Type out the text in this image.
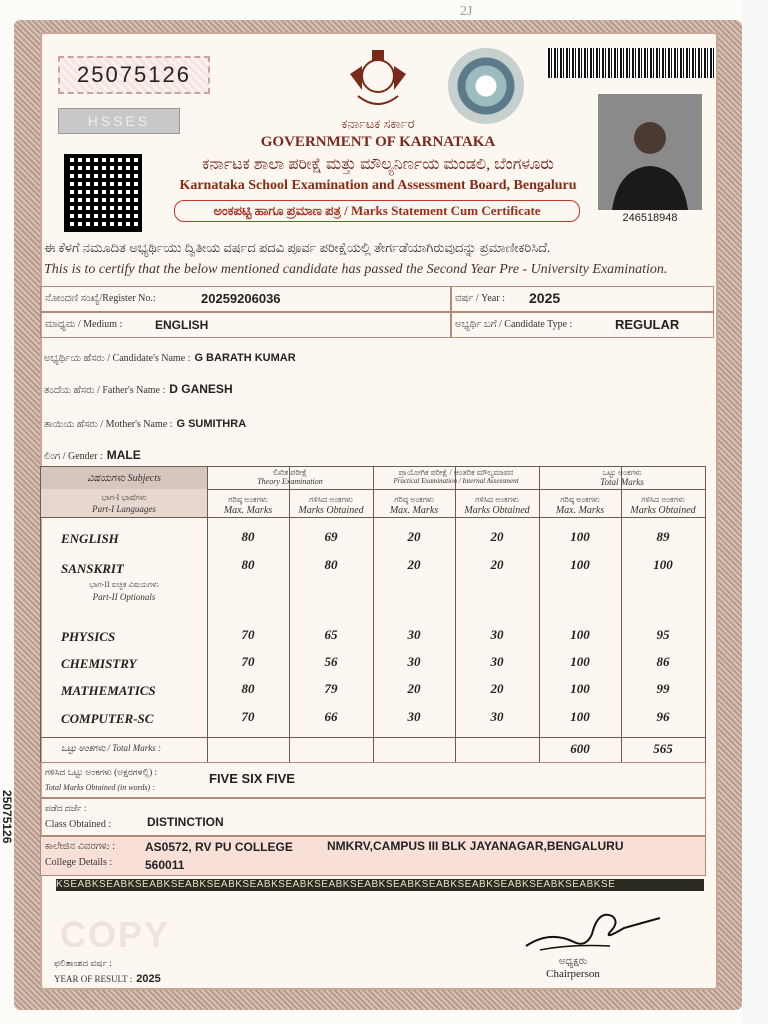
2J
25075126
HSSES
246518948
ಕರ್ನಾಟಕ ಸರ್ಕಾರ
GOVERNMENT OF KARNATAKA
ಕರ್ನಾಟಕ ಶಾಲಾ ಪರೀಕ್ಷೆ ಮತ್ತು ಮೌಲ್ಯನಿರ್ಣಯ ಮಂಡಲಿ, ಬೆಂಗಳೂರು
Karnataka School Examination and Assessment Board, Bengaluru
ಅಂಕಪಟ್ಟಿ ಹಾಗೂ ಪ್ರಮಾಣ ಪತ್ರ / Marks Statement Cum Certificate
ಈ ಕೆಳಗೆ ನಮೂದಿತ ಅಭ್ಯರ್ಥಿಯು ದ್ವಿತೀಯ ವರ್ಷದ ಪದವಿ ಪೂರ್ವ ಪರೀಕ್ಷೆಯಲ್ಲಿ ತೇರ್ಗಡೆಯಾಗಿರುವುದನ್ನು ಪ್ರಮಾಣೀಕರಿಸಿದೆ.
This is to certify that the below mentioned candidate has passed the Second Year Pre - University Examination.
ನೋಂದಣಿ ಸಂಖ್ಯೆ/Register No.:	20259206036	ವರ್ಷ / Year : 2025
ಮಾಧ್ಯಮ / Medium :	ENGLISH	ಅಭ್ಯರ್ಥಿ ಬಗೆ / Candidate Type :	REGULAR
ಅಭ್ಯರ್ಥಿಯ ಹೆಸರು / Candidate's Name : G BARATH KUMAR
ತಂದೆಯ ಹೆಸರು / Father's Name : D GANESH
ತಾಯಿಯ ಹೆಸರು / Mother's Name : G SUMITHRA
ಲಿಂಗ / Gender : MALE
ವಿಷಯಗಳು Subjects
ಲಿಖಿತ ಪರೀಕ್ಷೆ
Theory Examination
ಪ್ರಾಯೋಗಿಕ ಪರೀಕ್ಷೆ / ಆಂತರಿಕ ಮೌಲ್ಯಮಾಪನ
Practical Examination / Internal Assessment
ಒಟ್ಟು ಅಂಕಗಳು
Total Marks
ಭಾಗ-I ಭಾಷೆಗಳು
Part-I Languages
ಗರಿಷ್ಠ ಅಂಕಗಳು
Max. Marks
ಗಳಿಸಿದ ಅಂಕಗಳು
Marks Obtained
ಗರಿಷ್ಠ ಅಂಕಗಳು
Max. Marks
ಗಳಿಸಿದ ಅಂಕಗಳು
Marks Obtained
ಗರಿಷ್ಠ ಅಂಕಗಳು
Max. Marks
ಗಳಿಸಿದ ಅಂಕಗಳು
Marks Obtained
ENGLISH	80	69	20	20	100	89
SANSKRIT	80	80	20	20	100	100
ಭಾಗ-II ಐಚ್ಛಿಕ ವಿಷಯಗಳು
Part-II Optionals
PHYSICS	70	65	30	30	100	95
CHEMISTRY	70	56	30	30	100	86
MATHEMATICS	80	79	20	20	100	99
COMPUTER-SC	70	66	30	30	100	96
ಒಟ್ಟು ಅಂಕಗಳು / Total Marks :	600	565
ಗಳಿಸಿದ ಒಟ್ಟು ಅಂಕಗಳು (ಅಕ್ಷರಗಳಲ್ಲಿ) :
Total Marks Obtained (in words) :
FIVE SIX FIVE
ಪಡೆದ ದರ್ಜೆ :
Class Obtained :	DISTINCTION
ಕಾಲೇಜಿನ ವಿವರಗಳು :
College Details :
AS0572, RV PU COLLEGE	NMKRV,CAMPUS III BLK JAYANAGAR,BENGALURU
560011
KSEABKSEABKSEABKSEABKSEABKSEABKSEABKSEABKSEABKSEABKSEABKSEABKSEABKSEABKSEABKSE
COPY
ಫಲಿತಾಂಶದ ವರ್ಷ :
YEAR OF RESULT : 2025
ಅಧ್ಯಕ್ಷರು
Chairperson
25075126
